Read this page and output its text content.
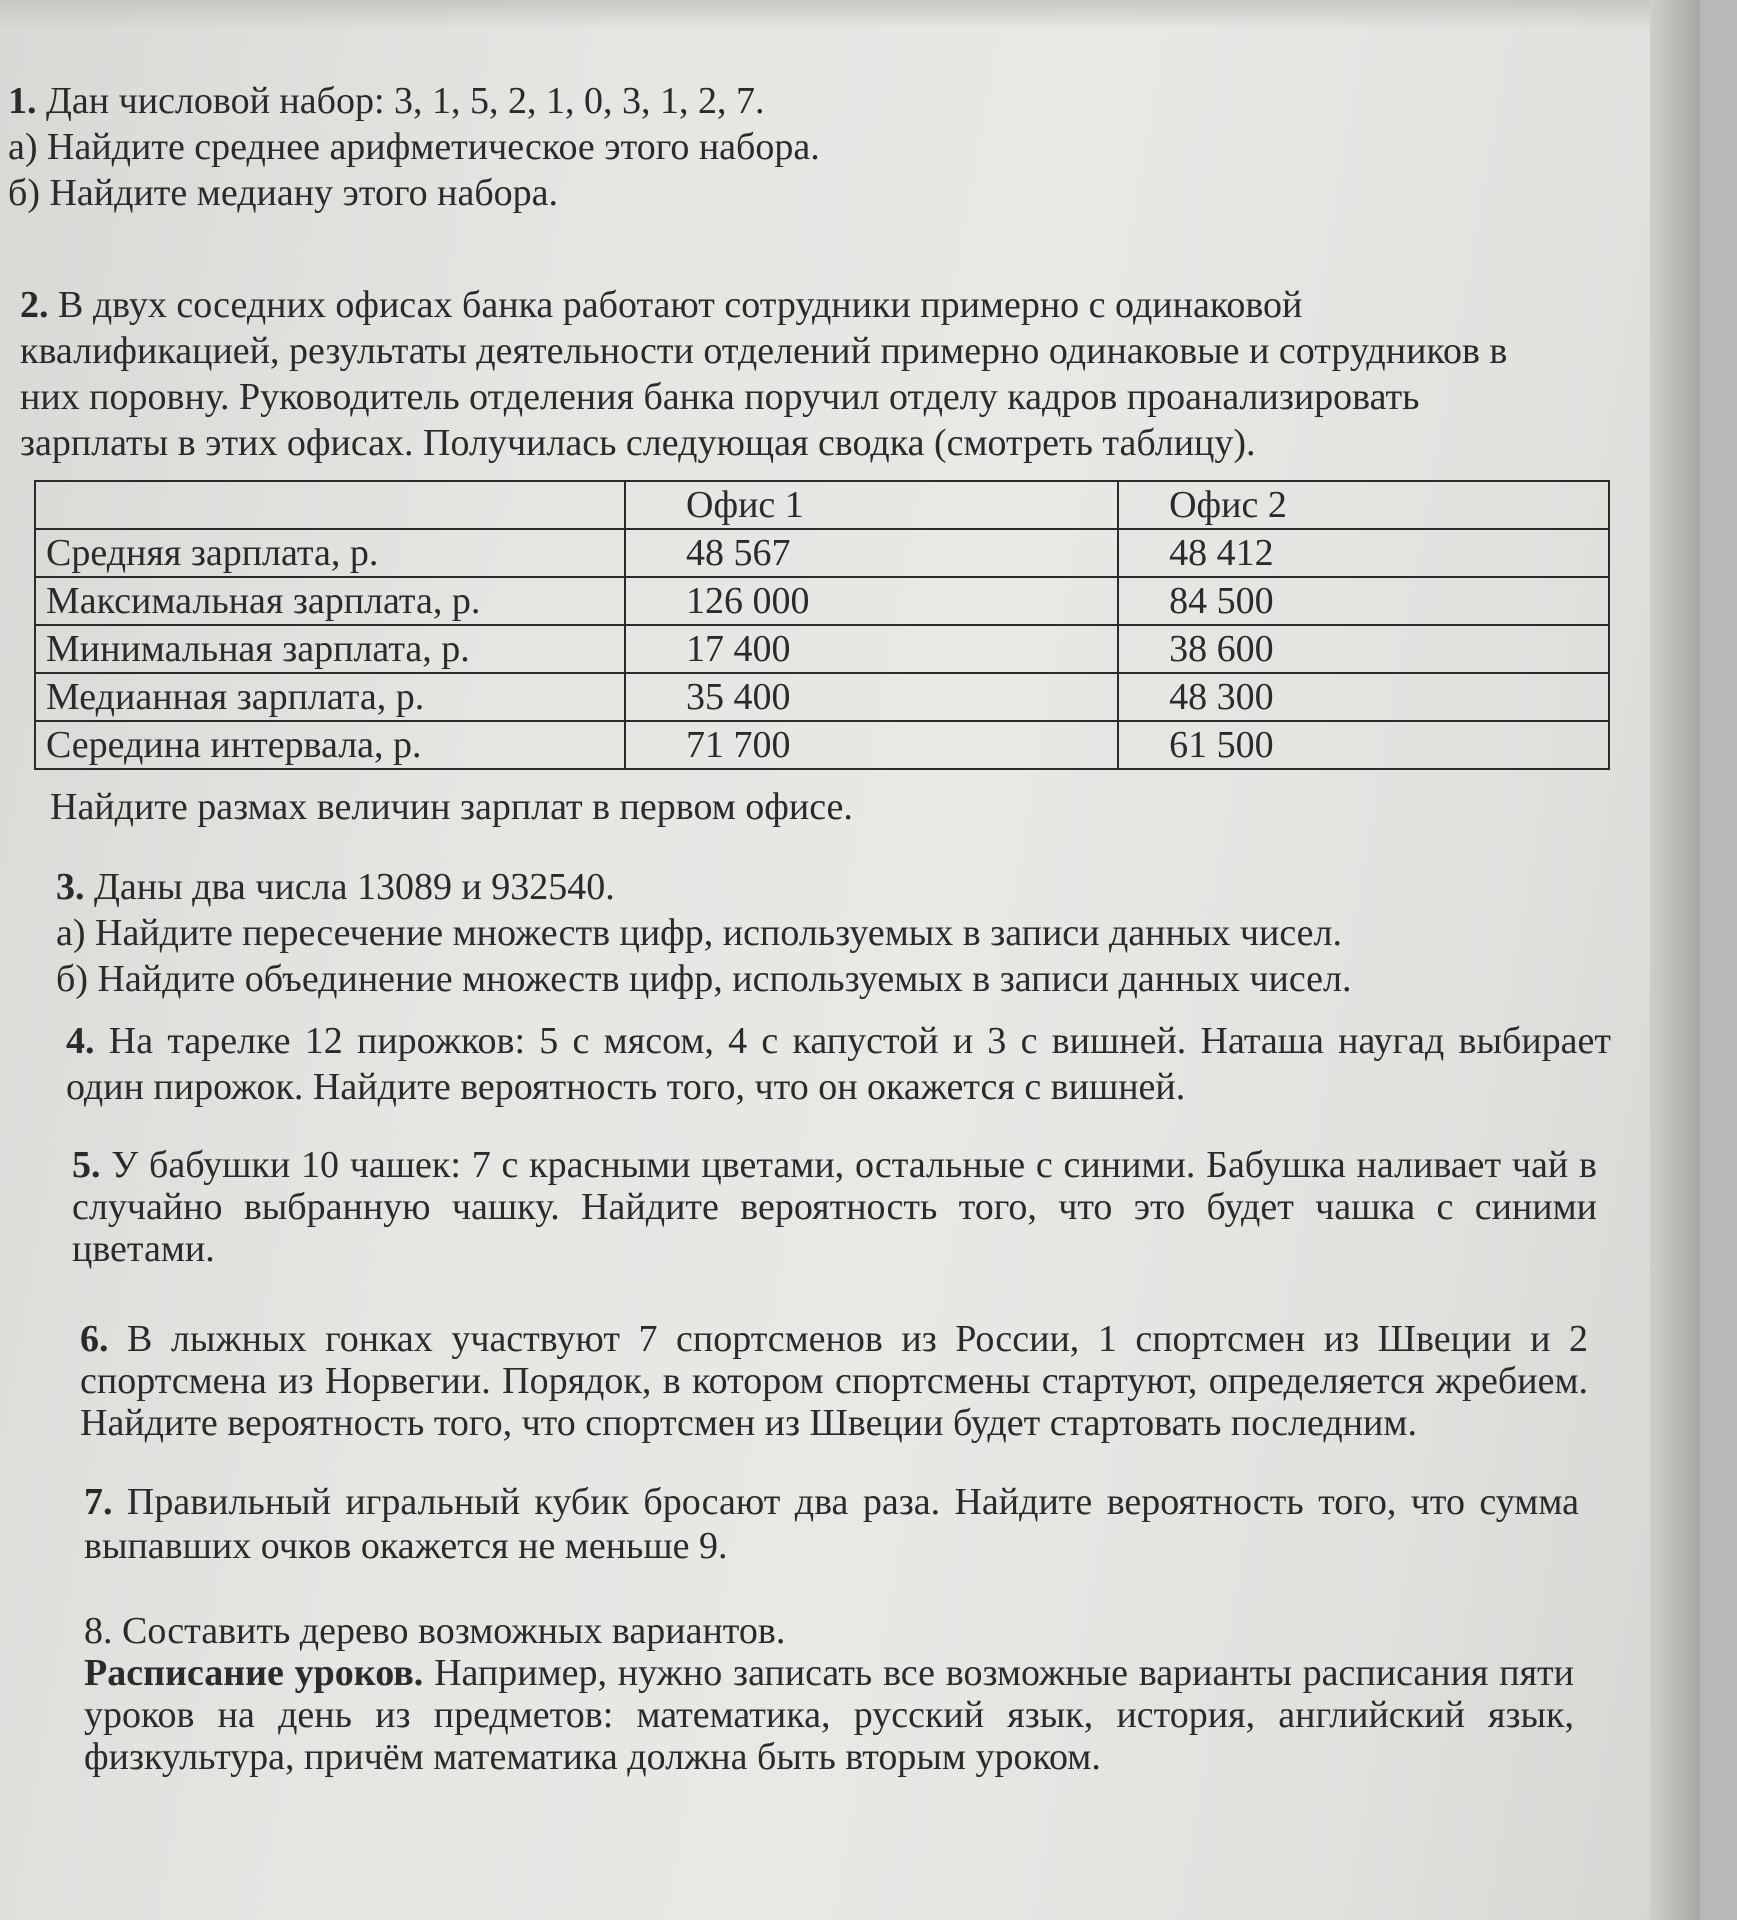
1. Дан числовой набор: 3, 1, 5, 2, 1, 0, 3, 1, 2, 7.
а) Найдите среднее арифметическое этого набора.
б) Найдите медиану этого набора.
2. В двух соседних офисах банка работают сотрудники примерно с одинаковой
квалификацией, результаты деятельности отделений примерно одинаковые и сотрудников в
них поровну. Руководитель отделения банка поручил отделу кадров проанализировать
зарплаты в этих офисах. Получилась следующая сводка (смотреть таблицу).
	Офис 1	Офис 2
Средняя зарплата, р.	48 567	48 412
Максимальная зарплата, р.	126 000	84 500
Минимальная зарплата, р.	17 400	38 600
Медианная зарплата, р.	35 400	48 300
Середина интервала, р.	71 700	61 500
Найдите размах величин зарплат в первом офисе.
3. Даны два числа 13089 и 932540.
а) Найдите пересечение множеств цифр, используемых в записи данных чисел.
б) Найдите объединение множеств цифр, используемых в записи данных чисел.
4. На тарелке 12 пирожков: 5 с мясом, 4 с капустой и 3 с вишней. Наташа наугад выбирает
один пирожок. Найдите вероятность того, что он окажется с вишней.
5. У бабушки 10 чашек: 7 с красными цветами, остальные с синими. Бабушка наливает чай в
случайно выбранную чашку. Найдите вероятность того, что это будет чашка с синими
цветами.
6. В лыжных гонках участвуют 7 спортсменов из России, 1 спортсмен из Швеции и 2
спортсмена из Норвегии. Порядок, в котором спортсмены стартуют, определяется жребием.
Найдите вероятность того, что спортсмен из Швеции будет стартовать последним.
7. Правильный игральный кубик бросают два раза. Найдите вероятность того, что сумма
выпавших очков окажется не меньше 9.
8. Составить дерево возможных вариантов.
Расписание уроков. Например, нужно записать все возможные варианты расписания пяти
уроков на день из предметов: математика, русский язык, история, английский язык,
физкультура, причём математика должна быть вторым уроком.
